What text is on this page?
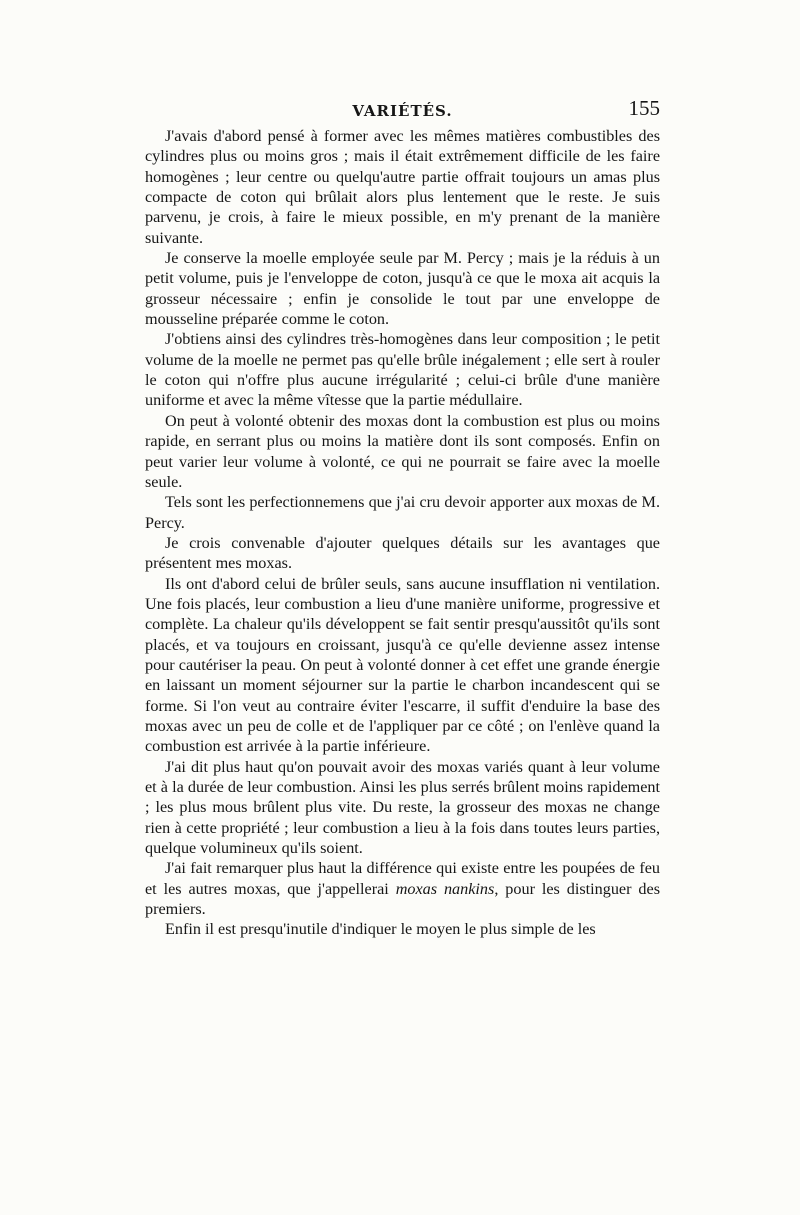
VARIÉTÉS.	155

J'avais d'abord pensé à former avec les mêmes matières combustibles des cylindres plus ou moins gros ; mais il était extrêmement difficile de les faire homogènes ; leur centre ou quelqu'autre partie offrait toujours un amas plus compacte de coton qui brûlait alors plus lentement que le reste. Je suis parvenu, je crois, à faire le mieux possible, en m'y prenant de la manière suivante.

Je conserve la moelle employée seule par M. Percy ; mais je la réduis à un petit volume, puis je l'enveloppe de coton, jusqu'à ce que le moxa ait acquis la grosseur nécessaire ; enfin je consolide le tout par une enveloppe de mousseline préparée comme le coton.

J'obtiens ainsi des cylindres très-homogènes dans leur composition ; le petit volume de la moelle ne permet pas qu'elle brûle inégalement ; elle sert à rouler le coton qui n'offre plus aucune irrégularité ; celui-ci brûle d'une manière uniforme et avec la même vîtesse que la partie médullaire.

On peut à volonté obtenir des moxas dont la combustion est plus ou moins rapide, en serrant plus ou moins la matière dont ils sont composés. Enfin on peut varier leur volume à volonté, ce qui ne pourrait se faire avec la moelle seule.

Tels sont les perfectionnemens que j'ai cru devoir apporter aux moxas de M. Percy.

Je crois convenable d'ajouter quelques détails sur les avantages que présentent mes moxas.

Ils ont d'abord celui de brûler seuls, sans aucune insufflation ni ventilation. Une fois placés, leur combustion a lieu d'une manière uniforme, progressive et complète. La chaleur qu'ils développent se fait sentir presqu'aussitôt qu'ils sont placés, et va toujours en croissant, jusqu'à ce qu'elle devienne assez intense pour cautériser la peau. On peut à volonté donner à cet effet une grande énergie en laissant un moment séjourner sur la partie le charbon incandescent qui se forme. Si l'on veut au contraire éviter l'escarre, il suffit d'enduire la base des moxas avec un peu de colle et de l'appliquer par ce côté ; on l'enlève quand la combustion est arrivée à la partie inférieure.

J'ai dit plus haut qu'on pouvait avoir des moxas variés quant à leur volume et à la durée de leur combustion. Ainsi les plus serrés brûlent moins rapidement ; les plus mous brûlent plus vite. Du reste, la grosseur des moxas ne change rien à cette propriété ; leur combustion a lieu à la fois dans toutes leurs parties, quelque volumineux qu'ils soient.

J'ai fait remarquer plus haut la différence qui existe entre les poupées de feu et les autres moxas, que j'appellerai moxas nankins, pour les distinguer des premiers.

Enfin il est presqu'inutile d'indiquer le moyen le plus simple de les
